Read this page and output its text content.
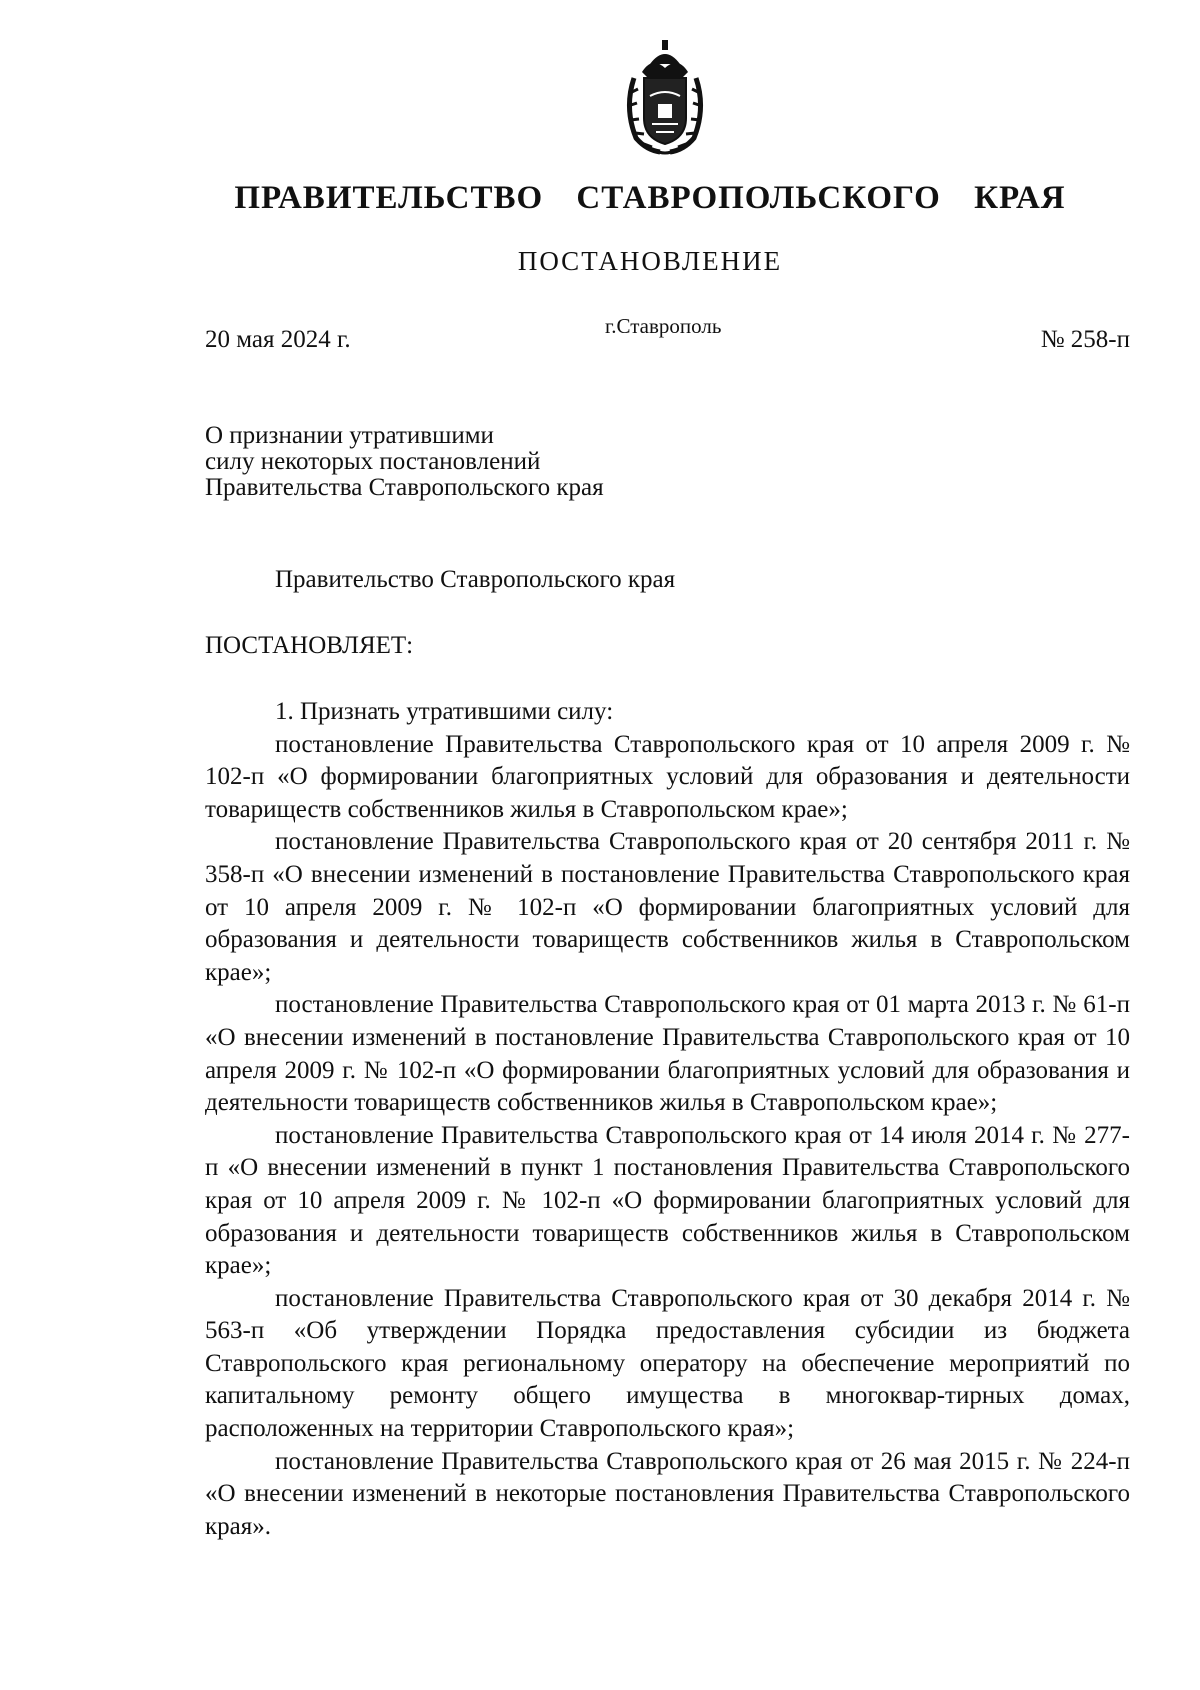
ПРАВИТЕЛЬСТВО СТАВРОПОЛЬСКОГО КРАЯ
ПОСТАНОВЛЕНИЕ
20 мая 2024 г.	г.Ставрополь	№ 258-п
О признании утратившими
силу некоторых постановлений
Правительства Ставропольского края
Правительство Ставропольского края
ПОСТАНОВЛЯЕТ:

1. Признать утратившими силу:

постановление Правительства Ставропольского края от 10 апреля 2009 г. № 102-п «О формировании благоприятных условий для образования и деятельности товариществ собственников жилья в Ставропольском крае»;

постановление Правительства Ставропольского края от 20 сентября 2011 г. № 358-п «О внесении изменений в постановление Правительства Ставропольского края от 10 апреля 2009 г. № 102-п «О формировании благоприятных условий для образования и деятельности товариществ собственников жилья в Ставропольском крае»;

постановление Правительства Ставропольского края от 01 марта 2013 г. № 61-п «О внесении изменений в постановление Правительства Ставропольского края от 10 апреля 2009 г. № 102-п «О формировании благоприятных условий для образования и деятельности товариществ собственников жилья в Ставропольском крае»;

постановление Правительства Ставропольского края от 14 июля 2014 г. № 277-п «О внесении изменений в пункт 1 постановления Правительства Ставропольского края от 10 апреля 2009 г. № 102-п «О формировании благоприятных условий для образования и деятельности товариществ собственников жилья в Ставропольском крае»;

постановление Правительства Ставропольского края от 30 декабря 2014 г. № 563-п «Об утверждении Порядка предоставления субсидии из бюджета Ставропольского края региональному оператору на обеспечение мероприятий по капитальному ремонту общего имущества в многоквар-тирных домах, расположенных на территории Ставропольского края»;

постановление Правительства Ставропольского края от 26 мая 2015 г. № 224-п «О внесении изменений в некоторые постановления Правительства Ставропольского края».
